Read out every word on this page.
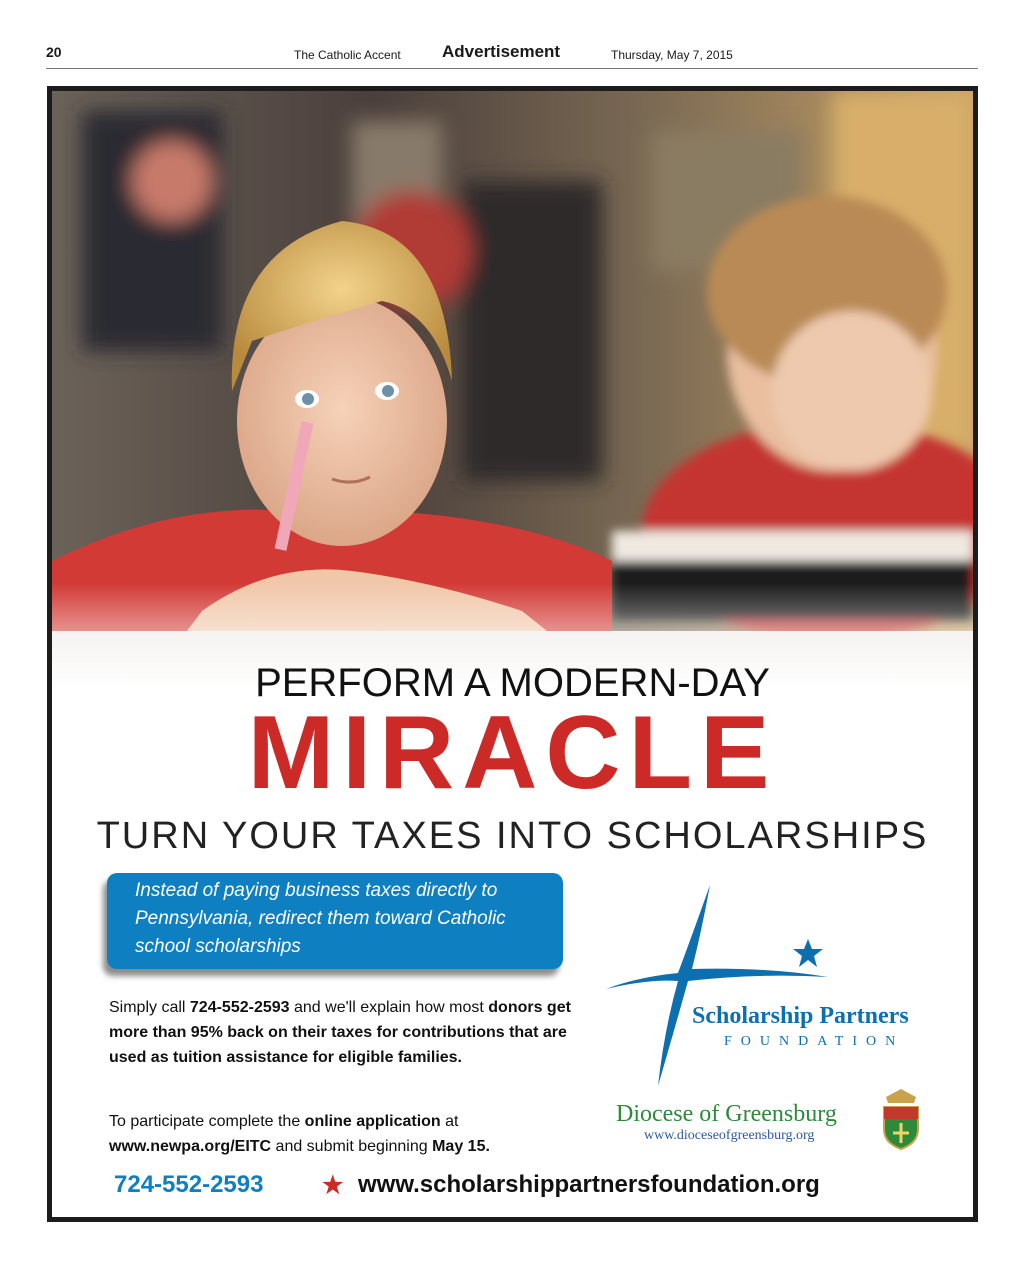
20	The Catholic Accent Advertisement	Thursday, May 7, 2015
PERFORM A MODERN-DAY
MIRACLE
TURN YOUR TAXES INTO SCHOLARSHIPS
Instead of paying business taxes directly to Pennsylvania, redirect them toward Catholic school scholarships
Simply call 724-552-2593 and we'll explain how most donors get more than 95% back on their taxes for contributions that are used as tuition assistance for eligible families.
To participate complete the online application at www.newpa.org/EITC and submit beginning May 15.
724-552-2593 ★ www.scholarshippartnersfoundation.org
Scholarship Partners
FOUNDATION
Diocese of Greensburg
www.dioceseofgreensburg.org
